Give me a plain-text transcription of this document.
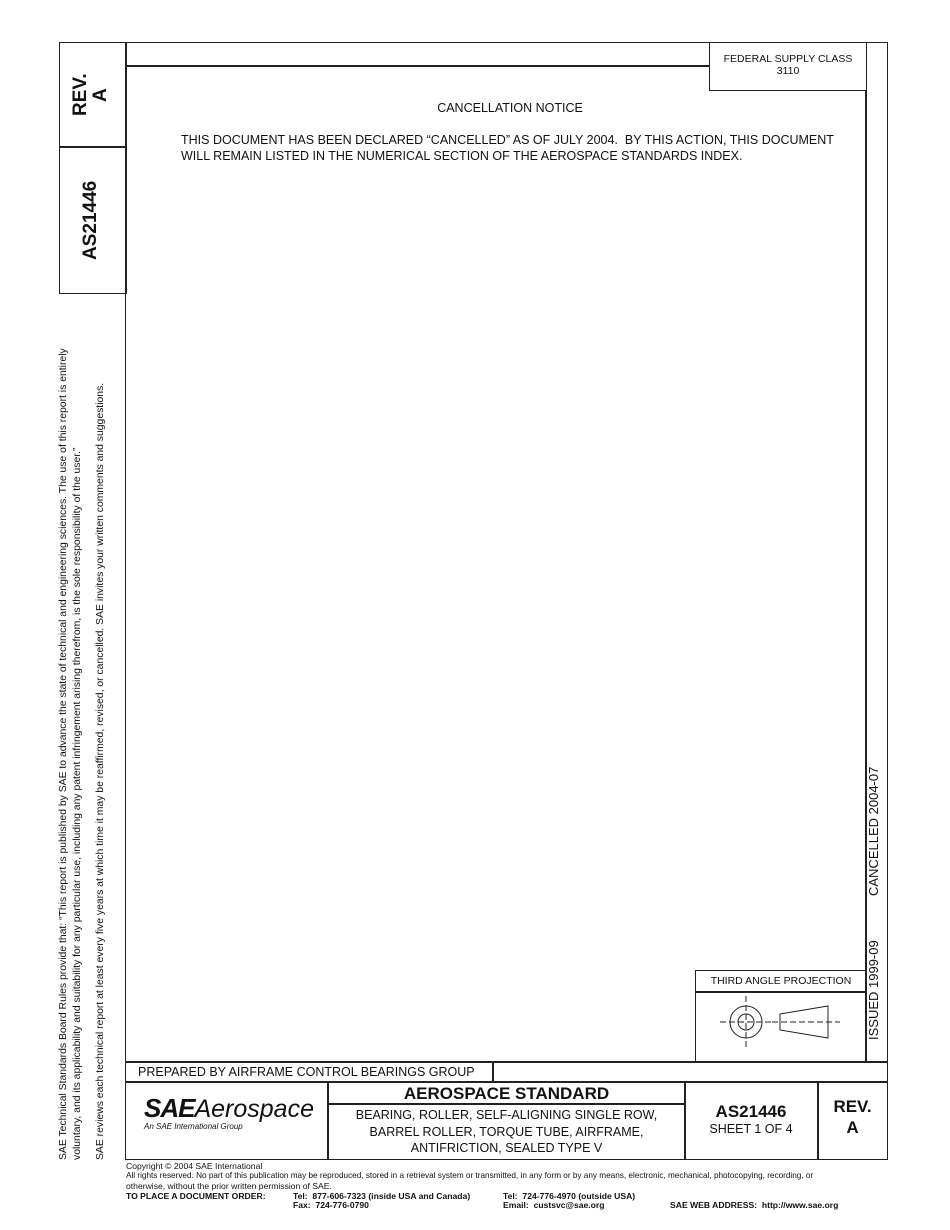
REV. A
AS21446
SAE Technical Standards Board Rules provide that: “This report is published by SAE to advance the state of technical and engineering sciences. The use of this report is entirely voluntary, and its applicability and suitability for any particular use, including any patent infringement arising therefrom, is the sole responsibility of the user.” SAE reviews each technical report at least every five years at which time it may be reaffirmed, revised, or cancelled. SAE invites your written comments and suggestions.
FEDERAL SUPPLY CLASS
3110
CANCELLATION NOTICE
THIS DOCUMENT HAS BEEN DECLARED “CANCELLED” AS OF JULY 2004.  BY THIS ACTION, THIS DOCUMENT
WILL REMAIN LISTED IN THE NUMERICAL SECTION OF THE AEROSPACE STANDARDS INDEX.
CANCELLED 2004-07
ISSUED 1999-09
THIRD ANGLE PROJECTION
PREPARED BY AIRFRAME CONTROL BEARINGS GROUP
SAEAerospace
An SAE International Group
AEROSPACE STANDARD
BEARING, ROLLER, SELF-ALIGNING SINGLE ROW,
BARREL ROLLER, TORQUE TUBE, AIRFRAME,
ANTIFRICTION, SEALED TYPE V
AS21446
SHEET 1 OF 4
REV.
A
Copyright © 2004 SAE International
All rights reserved. No part of this publication may be reproduced, stored in a retrieval system or transmitted, in any form or by any means, electronic, mechanical, photocopying, recording, or
otherwise, without the prior written permission of SAE.
TO PLACE A DOCUMENT ORDER:	Tel:  877-606-7323 (inside USA and Canada)
Fax:  724-776-0790
Tel:  724-776-4970 (outside USA)
Email:  custsvc@sae.org	SAE WEB ADDRESS:  http://www.sae.org
